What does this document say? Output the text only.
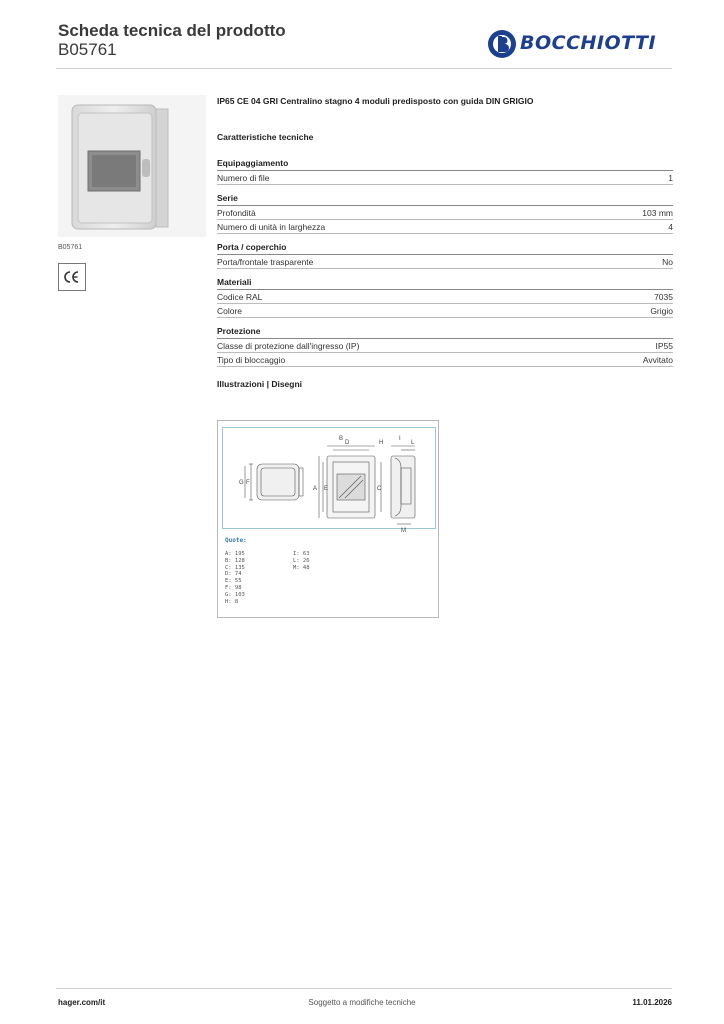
Scheda tecnica del prodotto
B05761	BOCCHIOTTI
B05761
IP65 CE 04 GRI Centralino stagno 4 moduli predisposto con guida DIN GRIGIO
Caratteristiche tecniche
Equipaggiamento
Numero di file	1
Serie
Profondità	103 mm
Numero di unità in larghezza	4
Porta / coperchio
Porta/frontale trasparente	No
Materiali
Codice RAL	7035
Colore	Grigio
Protezione
Classe di protezione dall'ingresso (IP)	IP55
Tipo di bloccaggio	Avvitato
Illustrazioni | Disegni
B
D	H
I
L
G F
A E	C
M
Quote:
A: 195
B: 128
C: 135
D: 74
E: 55
F: 98
G: 103
H: 8
I: 63
L: 26
M: 48
hager.com/it	Soggetto a modifiche tecniche	11.01.2026
